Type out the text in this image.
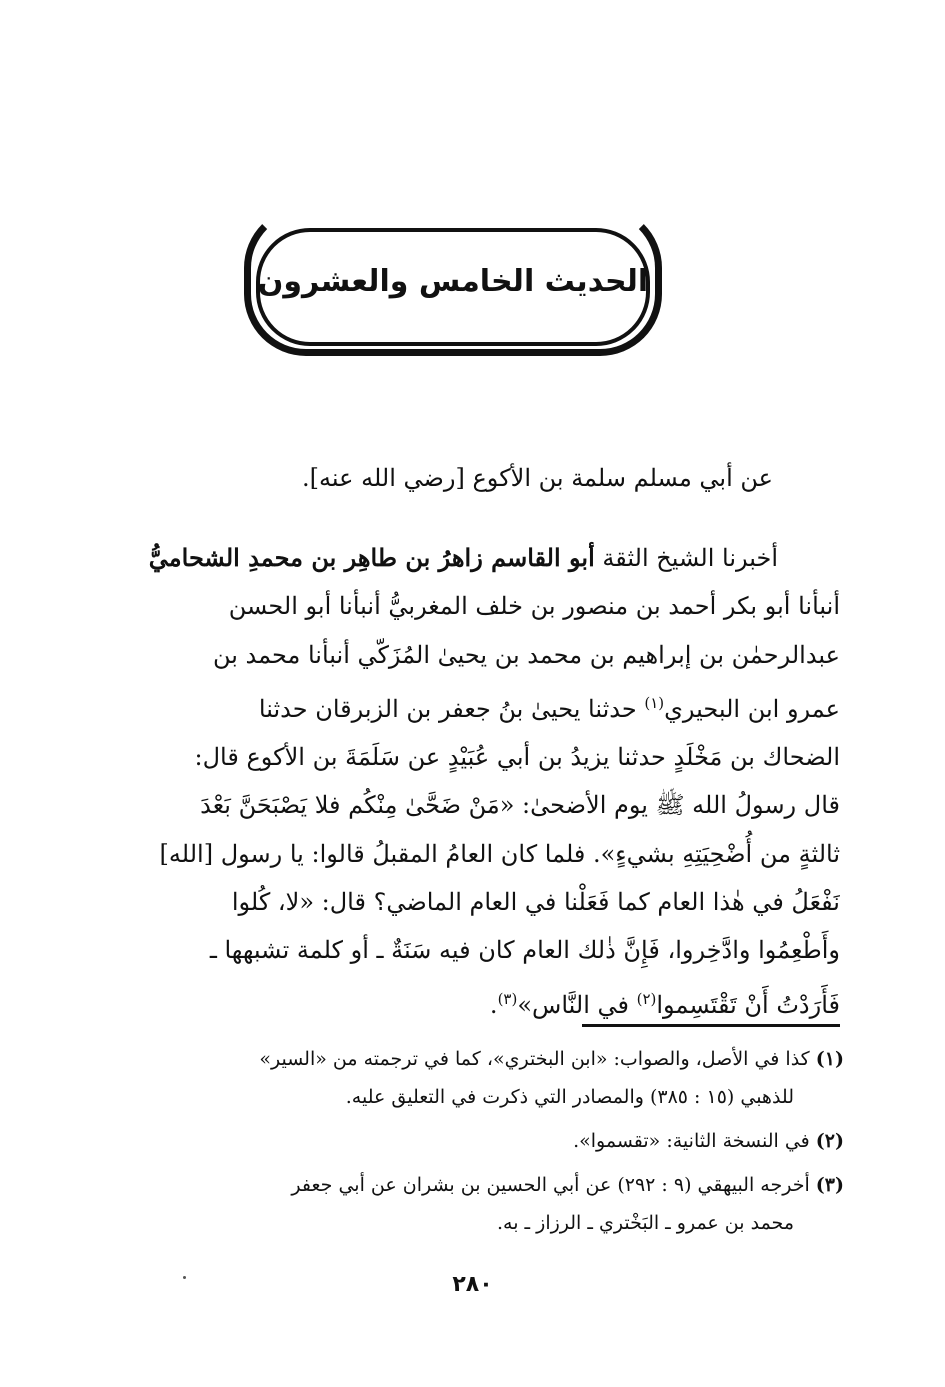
الحديث الخامس والعشرون
عن أبي مسلم سلمة بن الأكوع [رضي الله عنه].
أخبرنا الشيخ الثقة أبو القاسم زاهرُ بن طاهِر بن محمدِ الشحاميُّ
أنبأنا أبو بكر أحمد بن منصور بن خلف المغربيُّ أنبأنا أبو الحسن
عبدالرحمٰن بن إبراهيم بن محمد بن يحيىٰ المُزَكّي أنبأنا محمد بن
عمرو ابن البحيري$^{(١)}$ حدثنا يحيىٰ بنُ جعفر بن الزبرقان حدثنا
الضحاك بن مَخْلَدٍ حدثنا يزيدُ بن أبي عُبَيْدٍ عن سَلَمَةَ بن الأكوع قال:
قال رسولُ الله ﷺ يوم الأضحىٰ: «مَنْ ضَحَّىٰ مِنْكُم فلا يَصْبَحَنَّ بَعْدَ
ثالثةٍ من أُضْحِيَتِهِ بشيءٍ». فلما كان العامُ المقبلُ قالوا: يا رسول [الله]
نَفْعَلُ في هٰذا العام كما فَعَلْنا في العام الماضي؟ قال: «لا، كُلوا
وأَطْعِمُوا وادَّخِروا، فَإِنَّ ذٰلك العام كان فيه سَنَةٌ ـ أو كلمة تشبهها ـ
فَأَرَدْتُ أَنْ تَقْتَسِموا$^{(٢)}$ في النَّاس»$^{(٣)}$.
(١) كذا في الأصل، والصواب: «ابن البختري»، كما في ترجمته من «السير»
للذهبي (١٥ : ٣٨٥) والمصادر التي ذكرت في التعليق عليه.
(٢) في النسخة الثانية: «تقسموا».
(٣) أخرجه البيهقي (٩ : ٢٩٢) عن أبي الحسين بن بشران عن أبي جعفر
محمد بن عمرو ـ البَخْتري ـ الرزاز ـ به.
٢٨٠
